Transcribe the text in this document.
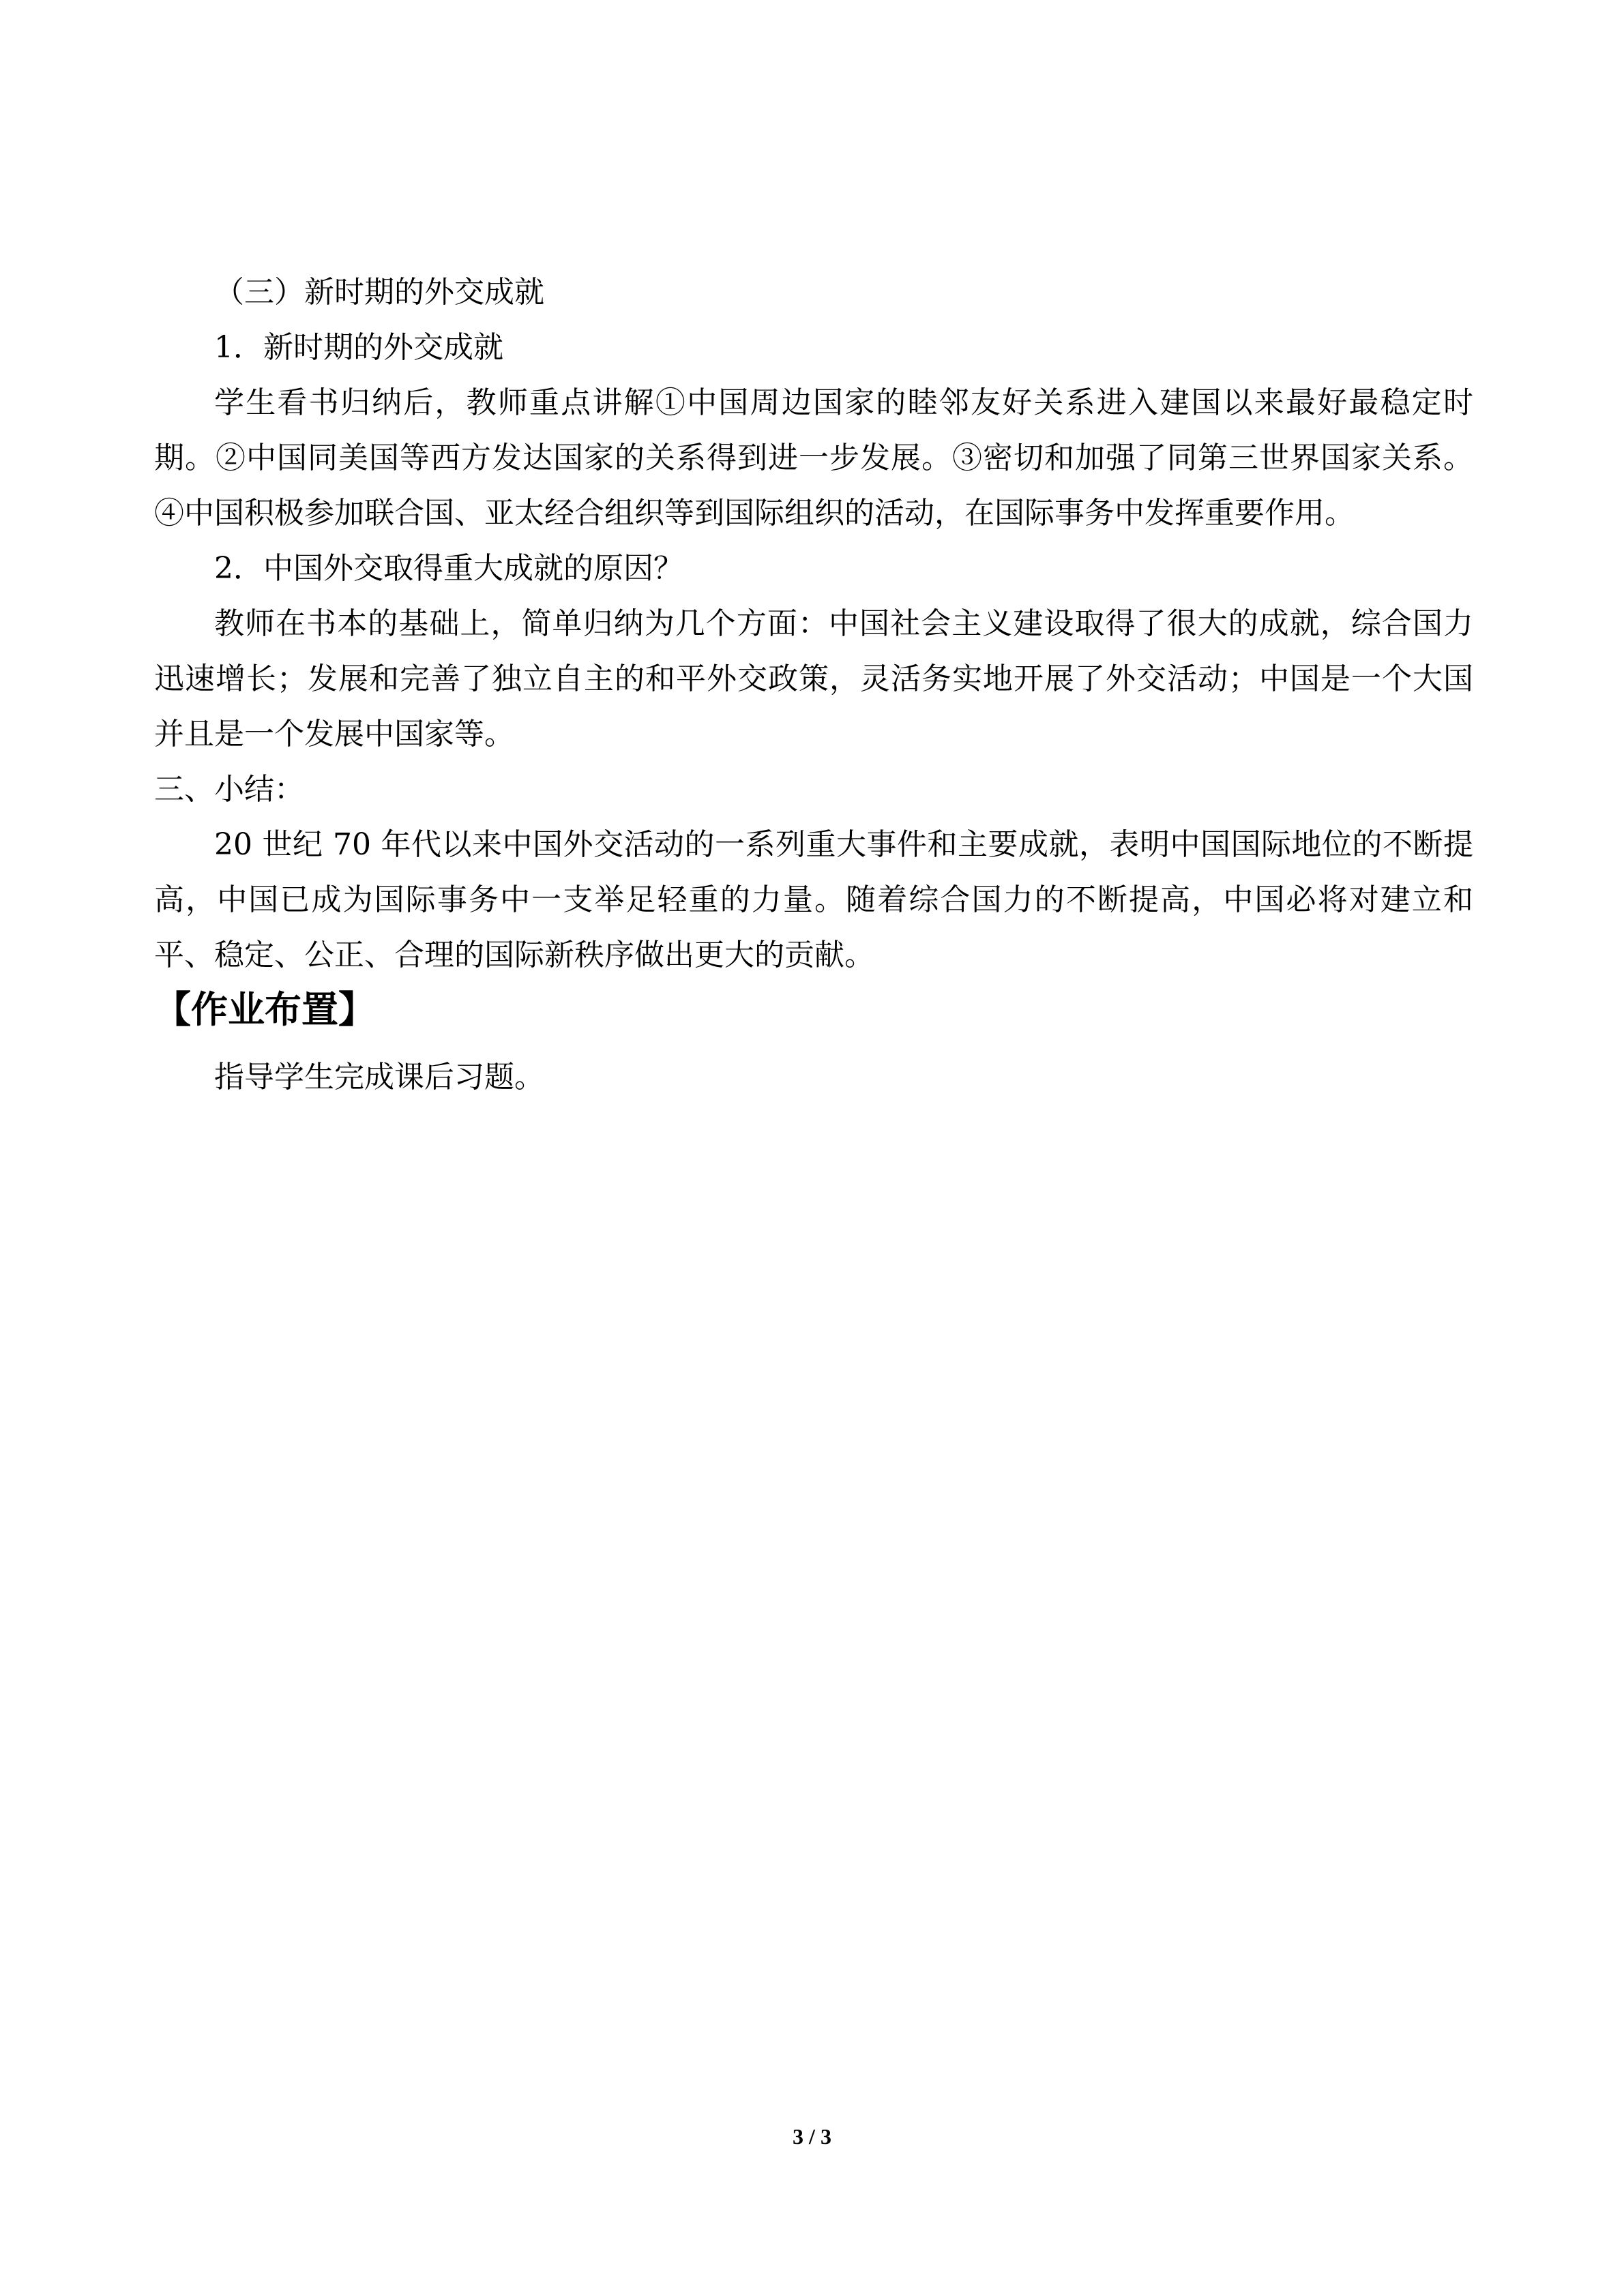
（三）新时期的外交成就

1．新时期的外交成就

学生看书归纳后，教师重点讲解①中国周边国家的睦邻友好关系进入建国以来最好最稳定时期。②中国同美国等西方发达国家的关系得到进一步发展。③密切和加强了同第三世界国家关系。④中国积极参加联合国、亚太经合组织等到国际组织的活动，在国际事务中发挥重要作用。

2．中国外交取得重大成就的原因？

教师在书本的基础上，简单归纳为几个方面：中国社会主义建设取得了很大的成就，综合国力迅速增长；发展和完善了独立自主的和平外交政策，灵活务实地开展了外交活动；中国是一个大国并且是一个发展中国家等。

三、小结：

20 世纪 70 年代以来中国外交活动的一系列重大事件和主要成就，表明中国国际地位的不断提高，中国已成为国际事务中一支举足轻重的力量。随着综合国力的不断提高，中国必将对建立和平、稳定、公正、合理的国际新秩序做出更大的贡献。

【作业布置】

指导学生完成课后习题。

3 / 3
